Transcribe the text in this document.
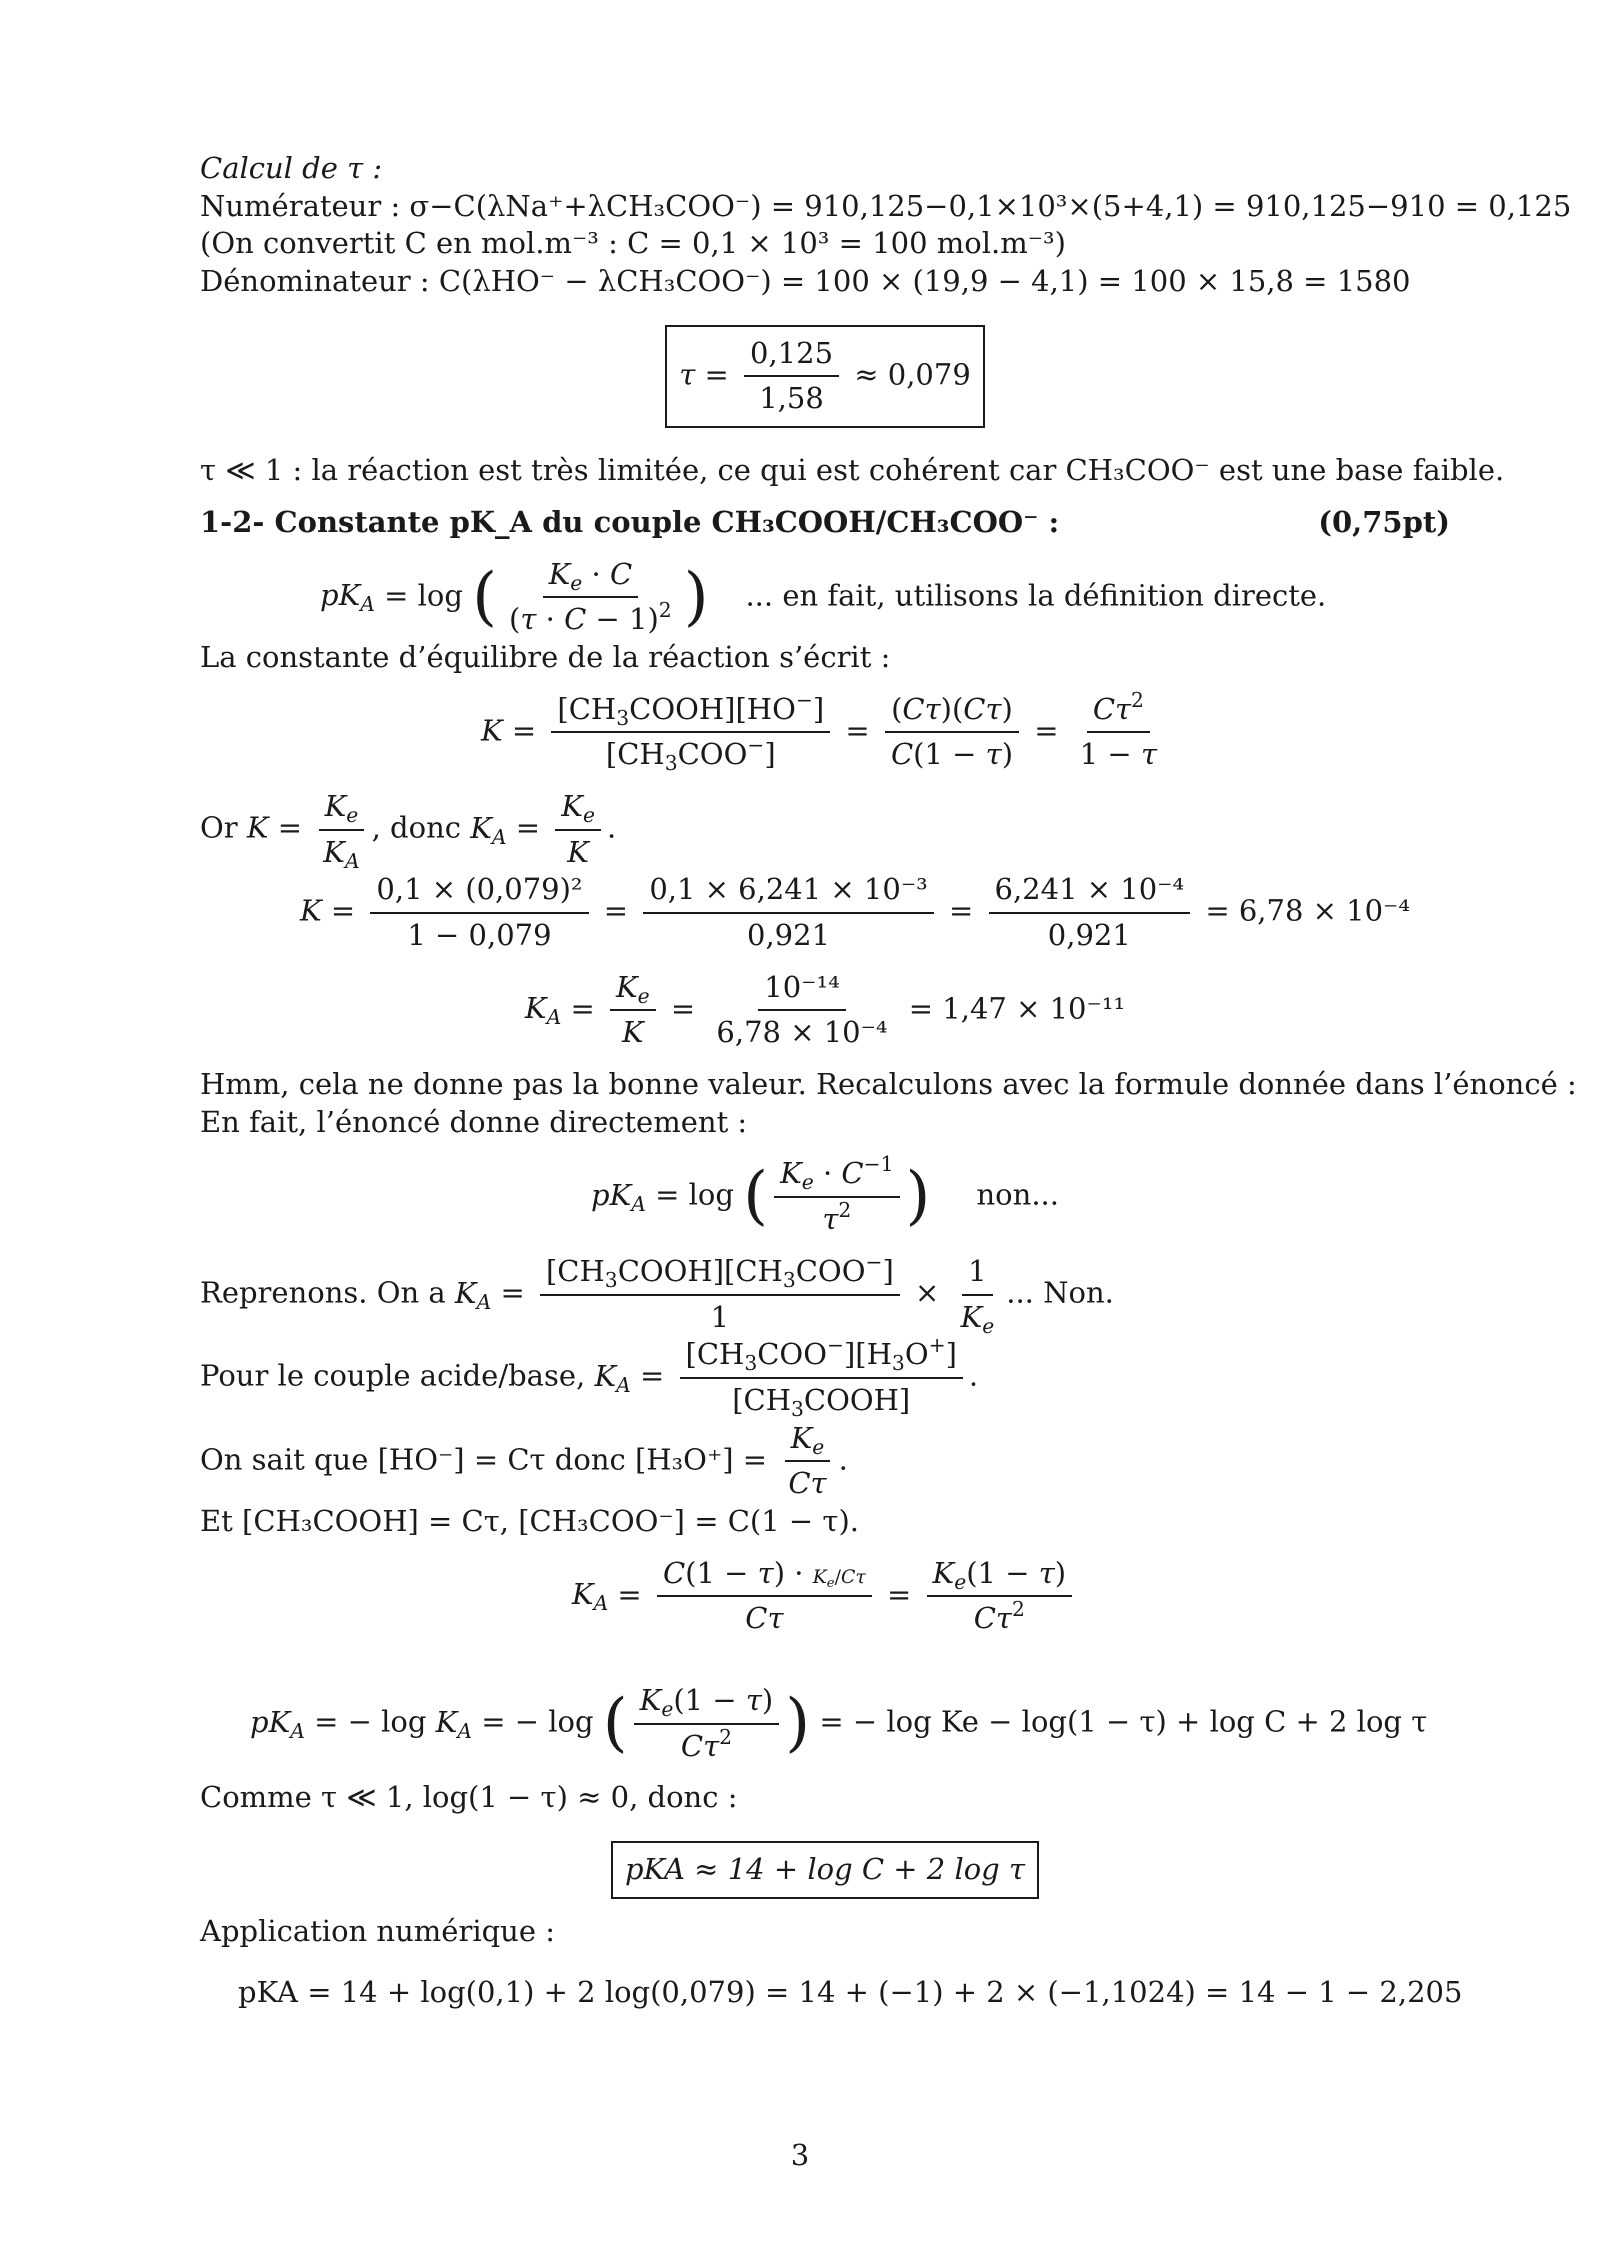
Calcul de τ :
Numérateur : σ−C(λNa⁺+λCH₃COO⁻) = 910,125−0,1×10³×(5+4,1) = 910,125−910 = 0,125
(On convertit C en mol.m⁻³ : C = 0,1 × 10³ = 100 mol.m⁻³)
Dénominateur : C(λHO⁻ − λCH₃COO⁻) = 100 × (19,9 − 4,1) = 100 × 15,8 = 1580
$\tau = \frac{0,125}{1,58} \approx 0,079$
τ ≪ 1 : la réaction est très limitée, ce qui est cohérent car CH₃COO⁻ est une base faible.
1-2- Constante pK_A du couple CH₃COOH/CH₃COO⁻ :	(0,75pt)
$pK_A = \log$ ( $\frac{K_e \cdot C}{(\tau \cdot C - 1)^2}$ ) ... en fait, utilisons la définition directe.
La constante d’équilibre de la réaction s’écrit :
$K = \frac{[CH_3COOH][HO^-]}{[CH_3COO^-]} = \frac{(C\tau)(C\tau)}{C(1 - \tau)} = \frac{C\tau^2}{1 - \tau}$
Or $K = \frac{K_e}{K_A}$ , donc $K_A = \frac{K_e}{K}$ .
$K = \frac{\text{0,1 × (0,079)²}}{1 - 0,079} = \frac{\text{0,1 × 6,241 × 10⁻³}}{0,921} = \frac{\text{6,241 × 10⁻⁴}}{0,921} = 6,78 \times 10^{-4}$
$K_A = \frac{K_e}{K} = \frac{\text{10⁻¹⁴}}{\text{6,78 × 10⁻⁴}} = 1,47 \times 10^{-11}$
Hmm, cela ne donne pas la bonne valeur. Recalculons avec la formule donnée dans l’énoncé :
En fait, l’énoncé donne directement :
$pK_A = \log$ ( $\frac{K_e \cdot C^{-1}}{\tau^2}$ ) non...
Reprenons. On a $K_A = \frac{[CH_3COOH][CH_3COO^-]}{1} \times \frac{1}{K_e}$ ... Non.
Pour le couple acide/base, $K_A = \frac{[CH_3COO^-][H_3O^+]}{[CH_3COOH]}$ .
On sait que [HO⁻] = Cτ donc $[H_3O^+] = \frac{K_e}{C\tau}$ .
Et [CH₃COOH] = Cτ, [CH₃COO⁻] = C(1 − τ).
$K_A = \frac{C(1 - \tau) \cdot K_e/C\tau}{C\tau} = \frac{K_e(1 - \tau)}{C\tau^2}$
$pK_A$ = − $\log K_A$ = − log ( $\frac{K_e(1 - \tau)}{C\tau^2}$ ) = − log Ke − log(1 − τ) + log C + 2 log τ
Comme τ ≪ 1, log(1 − τ) ≈ 0, donc :
pKA ≈ 14 + log C + 2 log τ
Application numérique :
pKA = 14 + log(0,1) + 2 log(0,079) = 14 + (−1) + 2 × (−1,1024) = 14 − 1 − 2,205
3
